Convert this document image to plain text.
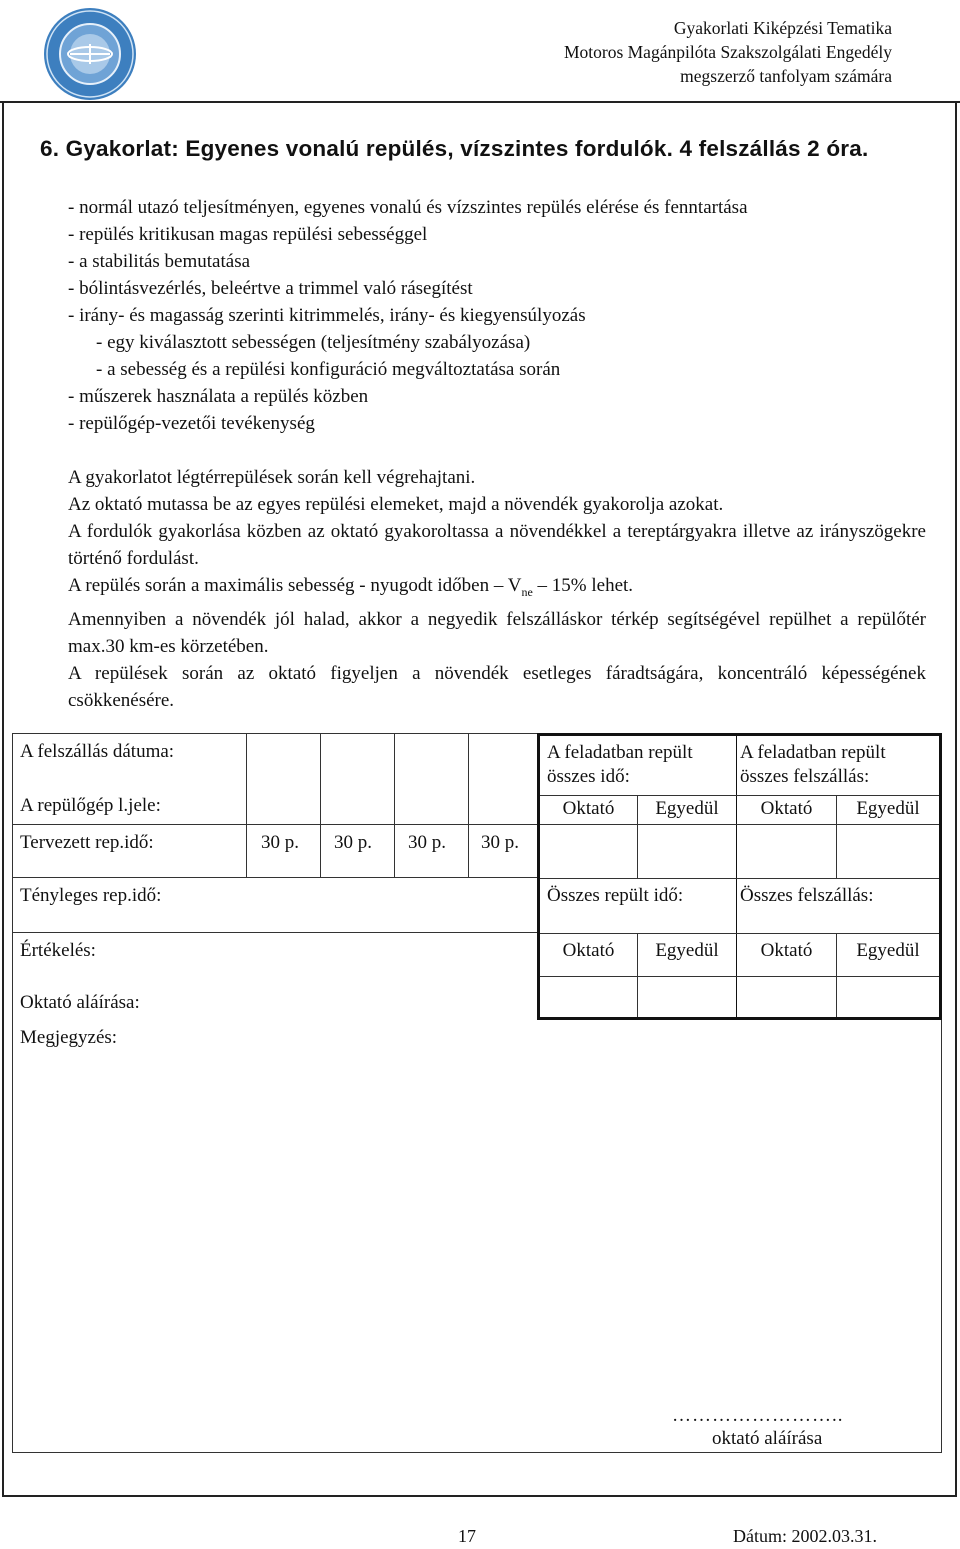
Gyakorlati Kiképzési Tematika
Motoros Magánpilóta Szakszolgálati Engedély
megszerző tanfolyam számára
6. Gyakorlat: Egyenes vonalú repülés, vízszintes fordulók. 4 felszállás 2 óra.
- normál utazó teljesítményen, egyenes vonalú és vízszintes repülés elérése és fenntartása
- repülés kritikusan magas repülési sebességgel
- a stabilitás bemutatása
- bólintásvezérlés, beleértve a trimmel való rásegítést
- irány- és magasság szerinti kitrimmelés, irány- és kiegyensúlyozás
- egy kiválasztott sebességen (teljesítmény szabályozása)
- a sebesség és a repülési konfiguráció megváltoztatása során
- műszerek használata a repülés közben
- repülőgép-vezetői tevékenység

A gyakorlatot légtérrepülések során kell végrehajtani.

Az oktató mutassa be az egyes repülési elemeket, majd a növendék gyakorolja azokat.

A fordulók gyakorlása közben az oktató gyakoroltassa a növendékkel a tereptárgyakra illetve az irányszögekre történő fordulást.

A repülés során a maximális sebesség - nyugodt időben – $V_{ne} - 15\%$ lehet.

Amennyiben a növendék jól halad, akkor a negyedik felszálláskor térkép segítségével repülhet a repülőtér max.30 km-es körzetében.

A repülések során az oktató figyeljen a növendék esetleges fáradtságára, koncentráló képességének csökkenésére.

A felszállás dátuma:
A repülőgép l.jele:
Tervezett rep.idő:	30 p. 30 p. 30 p. 30 p.
Tényleges rep.idő:
Értékelés:
Oktató aláírása:
Megjegyzés:
A feladatban repült összes idő:
A feladatban repült összes felszállás:
Oktató	Egyedül	Oktató	Egyedül
Összes repült idő:	Összes felszállás:
Oktató	Egyedül	Oktató	Egyedül
……………………..
oktató aláírása
17	Dátum: 2002.03.31.
